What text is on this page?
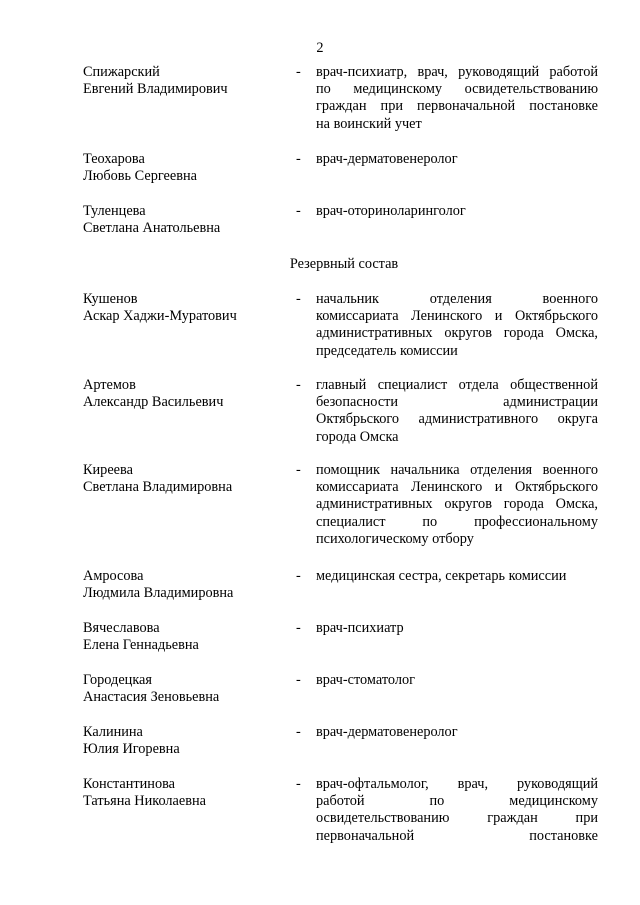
2
Спижарский
Евгений Владимирович
- врач-психиатр, врач, руководящий работой
по медицинскому освидетельствованию
граждан при первоначальной постановке
на воинский учет
Теохарова
Любовь Сергеевна
- врач-дерматовенеролог
Туленцева
Светлана Анатольевна
- врач-оториноларинголог
Резервный состав
Кушенов
Аскар Хаджи-Муратович
- начальник отделения военного
комиссариата Ленинского и Октябрьского
административных округов города Омска,
председатель комиссии
Артемов
Александр Васильевич
- главный специалист отдела общественной
безопасности администрации
Октябрьского административного округа
города Омска
Киреева
Светлана Владимировна
- помощник начальника отделения военного
комиссариата Ленинского и Октябрьского
административных округов города Омска,
специалист по профессиональному
психологическому отбору
Амросова
Людмила Владимировна
- медицинская сестра, секретарь комиссии
Вячеславова
Елена Геннадьевна
- врач-психиатр
Городецкая
Анастасия Зеновьевна
- врач-стоматолог
Калинина
Юлия Игоревна
- врач-дерматовенеролог
Константинова
Татьяна Николаевна
- врач-офтальмолог, врач, руководящий
работой по медицинскому
освидетельствованию граждан при
первоначальной постановке
